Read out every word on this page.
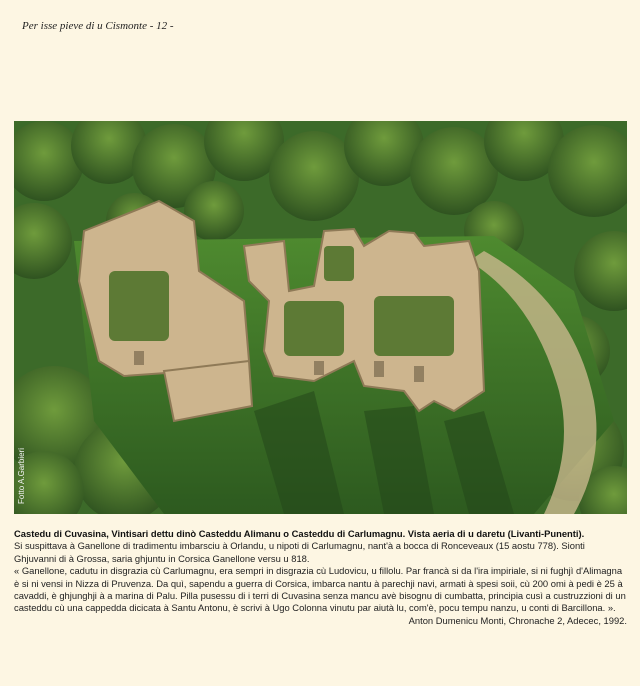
Per isse pieve di u Cismonte - 12 -
Fotto A.Garbieri

Castedu di Cuvasina, Vintisari dettu dinò Casteddu Alimanu o Casteddu di Carlumagnu. Vista aeria di u daretu (Livanti-Punenti).

Si suspittava à Ganellone di tradimentu imbarsciu à Orlandu, u nipoti di Carlumagnu, nant'à a bocca di Ronceveaux (15 aostu 778). Sionti Ghjuvanni di à Grossa, saria ghjuntu in Corsica Ganellone versu u 818.

« Ganellone, cadutu in disgrazia cù Carlumagnu, era sempri in disgrazia cù Ludovicu, u fillolu. Par francà si da l'ira impiriale, si ni fughjì d'Alimagna è si ni vensi in Nizza di Pruvenza. Da quì, sapendu a guerra di Corsica, imbarca nantu à parechji navi, armati à spesi soii, cù 200 omi à pedi è 25 à cavaddi, è ghjunghji à a marina di Palu. Pilla pusessu di i terri di Cuvasina senza mancu avè bisognu di cumbatta, principia cusì a custruzzioni di un casteddu cù una cappedda dicicata à Santu Antonu, è scrivi à Ugo Colonna vinutu par aiutà lu, com'è, pocu tempu nanzu, u conti di Barcillona. ».

Anton Dumenicu Monti, Chronache 2, Adecec, 1992.
